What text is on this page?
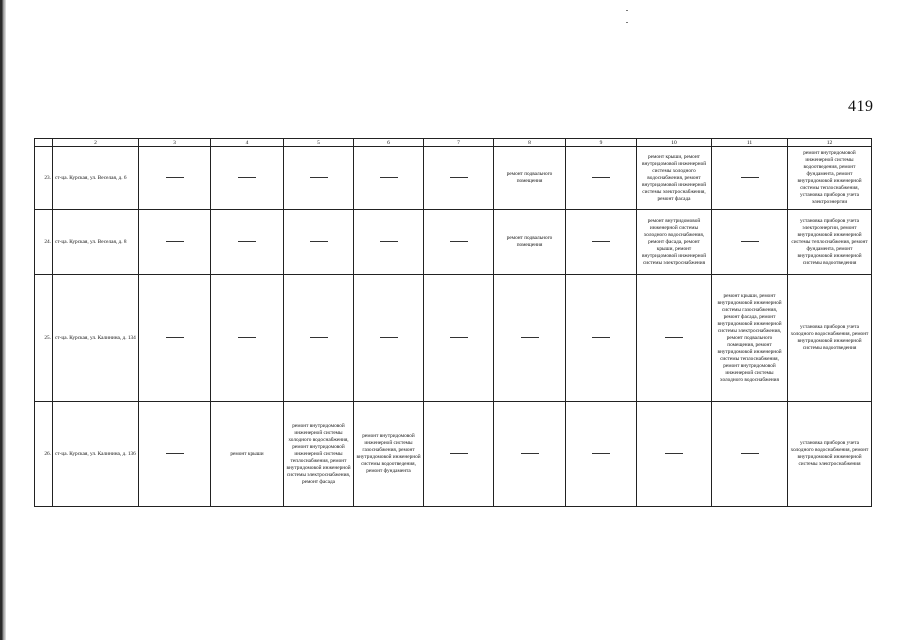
419
	2	3	4	5	6	7	8	9	10	11	12
23.	ст-ца. Курская, ул. Веселая, д. 6						ремонт подвального помещения		ремонт крыши, ремонт внутридомовой инженерной системы холодного водоснабжения, ремонт внутридомовой инженерной системы электроснабжения, ремонт фасада		ремонт внутридомовой инженерной системы водоотведения, ремонт фундамента, ремонт внутридомовой инженерной системы теплоснабжения, установка приборов учета электроэнергии
24.	ст-ца. Курская, ул. Веселая, д. 8						ремонт подвального помещения		ремонт внутридомовой инженерной системы холодного водоснабжения, ремонт фасада, ремонт крыши, ремонт внутридомовой инженерной системы электроснабжения		установка приборов учета электроэнергии, ремонт внутридомовой инженерной системы теплоснабжения, ремонт фундамента, ремонт внутридомовой инженерной системы водоотведения
25.	ст-ца. Курская, ул. Калинина, д. 134									ремонт крыши, ремонт внутридомовой инженерной системы газоснабжения, ремонт фасада, ремонт внутридомовой инженерной системы электроснабжения, ремонт подвального помещения, ремонт внутридомовой инженерной системы теплоснабжения, ремонт внутридомовой инженерной системы холодного водоснабжения	установка приборов учета холодного водоснабжения, ремонт внутридомовой инженерной системы водоотведения
26.	ст-ца. Курская, ул. Калинина, д. 136		ремонт крыши	ремонт внутридомовой инженерной системы холодного водоснабжения, ремонт внутридомовой инженерной системы теплоснабжения, ремонт внутридомовой инженерной системы электроснабжения, ремонт фасада	ремонт внутридомовой инженерной системы газоснабжения, ремонт внутридомовой инженерной системы водоотведения, ремонт фундамента						установка приборов учета холодного водоснабжения, ремонт внутридомовой инженерной системы электроснабжения
